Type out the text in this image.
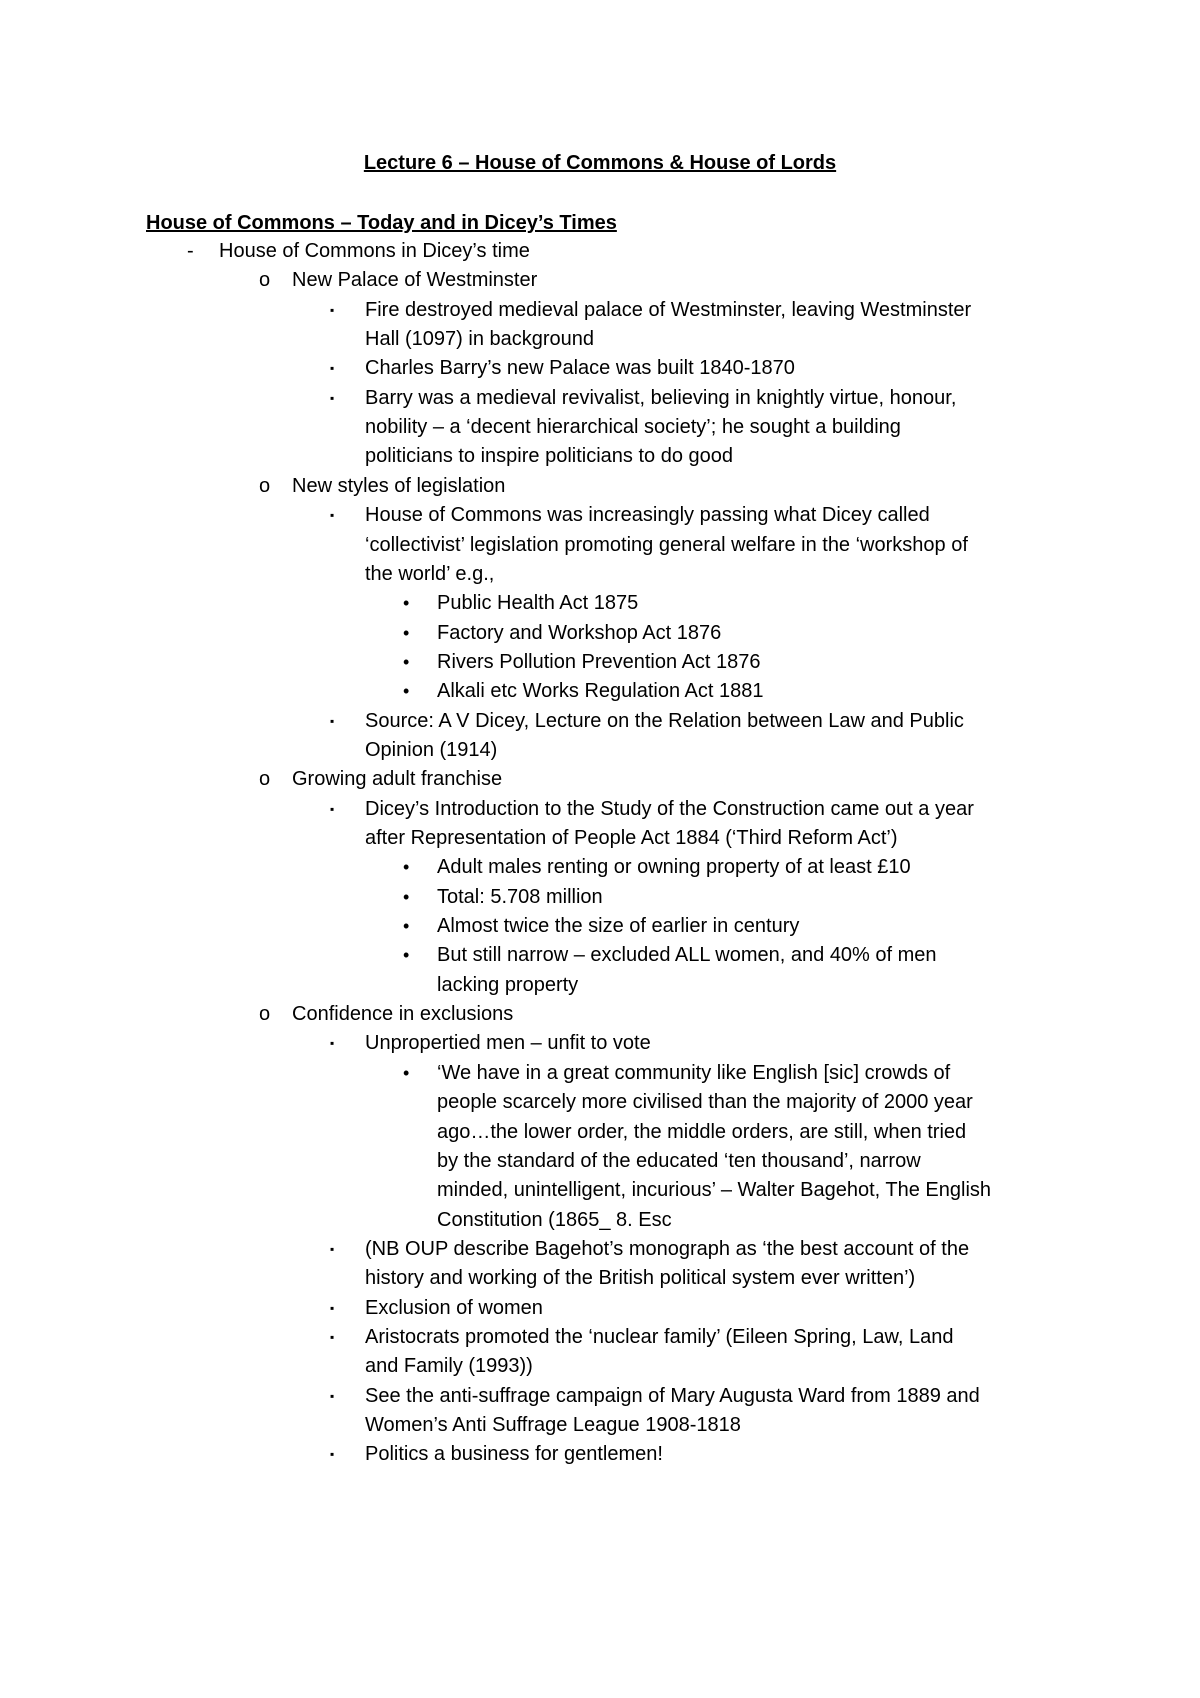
Lecture 6 – House of Commons & House of Lords
House of Commons – Today and in Dicey’s Times
- House of Commons in Dicey’s time
o New Palace of Westminster
▪ Fire destroyed medieval palace of Westminster, leaving Westminster
Hall (1097) in background
▪ Charles Barry’s new Palace was built 1840-1870
▪ Barry was a medieval revivalist, believing in knightly virtue, honour,
nobility – a ‘decent hierarchical society’; he sought a building
politicians to inspire politicians to do good
o New styles of legislation
▪ House of Commons was increasingly passing what Dicey called
‘collectivist’ legislation promoting general welfare in the ‘workshop of
the world’ e.g.,
• Public Health Act 1875
• Factory and Workshop Act 1876
• Rivers Pollution Prevention Act 1876
• Alkali etc Works Regulation Act 1881
▪ Source: A V Dicey, Lecture on the Relation between Law and Public
Opinion (1914)
o Growing adult franchise
▪ Dicey’s Introduction to the Study of the Construction came out a year
after Representation of People Act 1884 (‘Third Reform Act’)
• Adult males renting or owning property of at least £10
• Total: 5.708 million
• Almost twice the size of earlier in century
• But still narrow – excluded ALL women, and 40% of men
lacking property
o Confidence in exclusions
▪ Unpropertied men – unfit to vote
• ‘We have in a great community like English [sic] crowds of
people scarcely more civilised than the majority of 2000 year
ago…the lower order, the middle orders, are still, when tried
by the standard of the educated ‘ten thousand’, narrow
minded, unintelligent, incurious’ – Walter Bagehot, The English
Constitution (1865_ 8. Esc
▪ (NB OUP describe Bagehot’s monograph as ‘the best account of the
history and working of the British political system ever written’)
▪ Exclusion of women
▪ Aristocrats promoted the ‘nuclear family’ (Eileen Spring, Law, Land
and Family (1993))
▪ See the anti-suffrage campaign of Mary Augusta Ward from 1889 and
Women’s Anti Suffrage League 1908-1818
▪ Politics a business for gentlemen!
